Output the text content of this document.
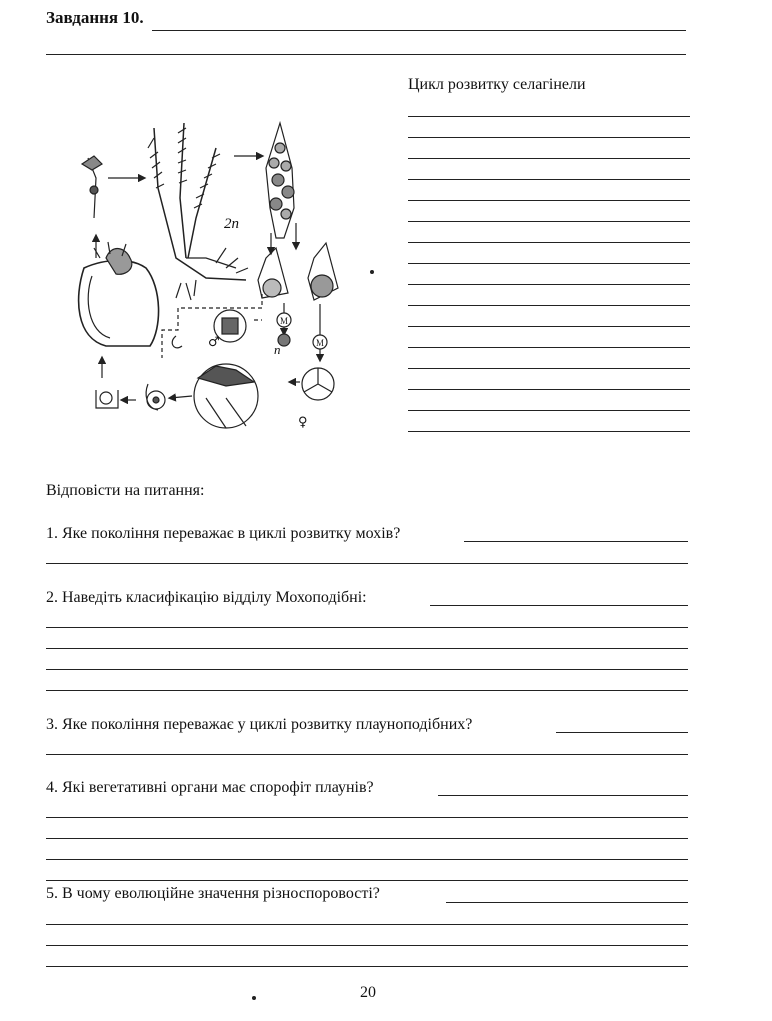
Завдання 10.
Цикл розвитку селагінели
M
M
2n
n
♂
♀
Відповісти на питання:
1. Яке покоління переважає в циклі розвитку мохів?
2. Наведіть класифікацію відділу Мохоподібні:
3. Яке покоління переважає у циклі розвитку плауноподібних?
4. Які вегетативні органи має спорофіт плаунів?
5. В чому еволюційне значення різноспоровості?
20
